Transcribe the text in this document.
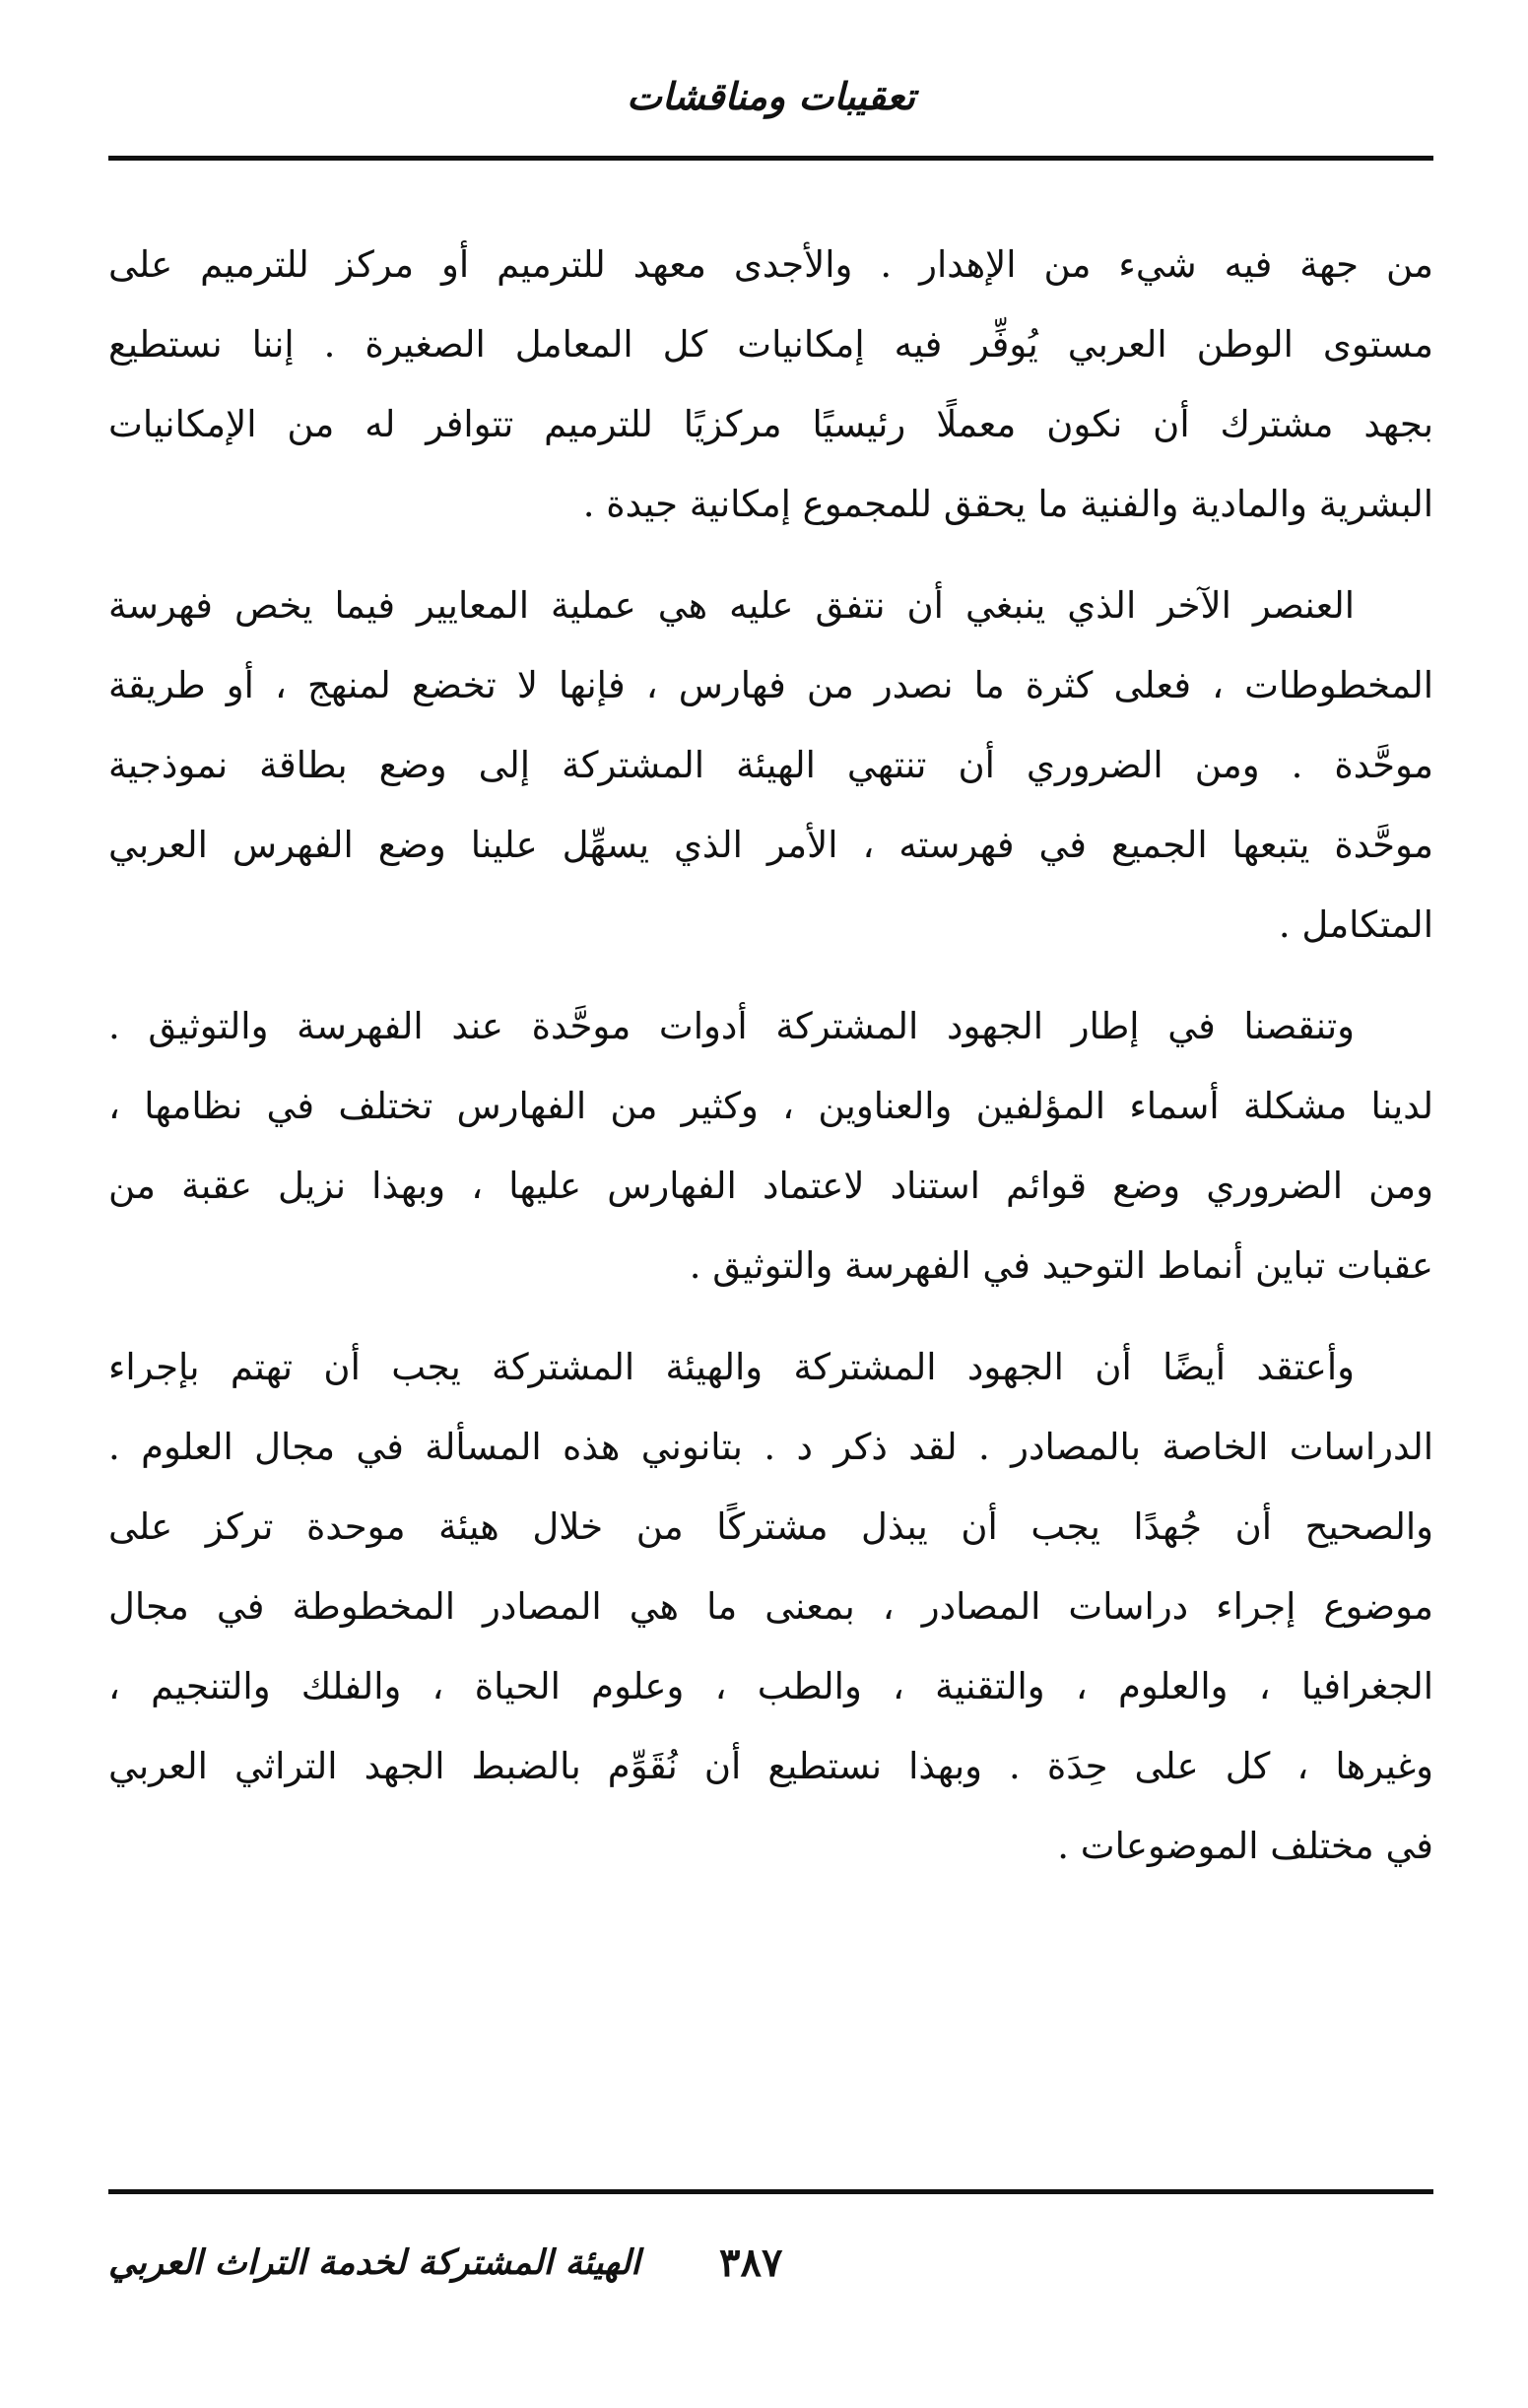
تعقيبات ومناقشات
من جهة فيه شيء من الإهدار . والأجدى معهد للترميم أو مركز للترميم على
مستوى الوطن العربي يُوفِّر فيه إمكانيات كل المعامل الصغيرة . إننا نستطيع
بجهد مشترك أن نكون معملًا رئيسيًا مركزيًا للترميم تتوافر له من الإمكانيات
البشرية والمادية والفنية ما يحقق للمجموع إمكانية جيدة .
العنصر الآخر الذي ينبغي أن نتفق عليه هي عملية المعايير فيما يخص فهرسة
المخطوطات ، فعلى كثرة ما نصدر من فهارس ، فإنها لا تخضع لمنهج ، أو طريقة
موحَّدة . ومن الضروري أن تنتهي الهيئة المشتركة إلى وضع بطاقة نموذجية
موحَّدة يتبعها الجميع في فهرسته ، الأمر الذي يسهِّل علينا وضع الفهرس العربي
المتكامل .
وتنقصنا في إطار الجهود المشتركة أدوات موحَّدة عند الفهرسة والتوثيق .
لدينا مشكلة أسماء المؤلفين والعناوين ، وكثير من الفهارس تختلف في نظامها ،
ومن الضروري وضع قوائم استناد لاعتماد الفهارس عليها ، وبهذا نزيل عقبة من
عقبات تباين أنماط التوحيد في الفهرسة والتوثيق .
وأعتقد أيضًا أن الجهود المشتركة والهيئة المشتركة يجب أن تهتم بإجراء
الدراسات الخاصة بالمصادر . لقد ذكر د . بتانوني هذه المسألة في مجال العلوم .
والصحيح أن جُهدًا يجب أن يبذل مشتركًا من خلال هيئة موحدة تركز على
موضوع إجراء دراسات المصادر ، بمعنى ما هي المصادر المخطوطة في مجال
الجغرافيا ، والعلوم ، والتقنية ، والطب ، وعلوم الحياة ، والفلك والتنجيم ،
وغيرها ، كل على حِدَة . وبهذا نستطيع أن نُقَوِّم بالضبط الجهد التراثي العربي
في مختلف الموضوعات .
٣٨٧
الهيئة المشتركة لخدمة التراث العربي
